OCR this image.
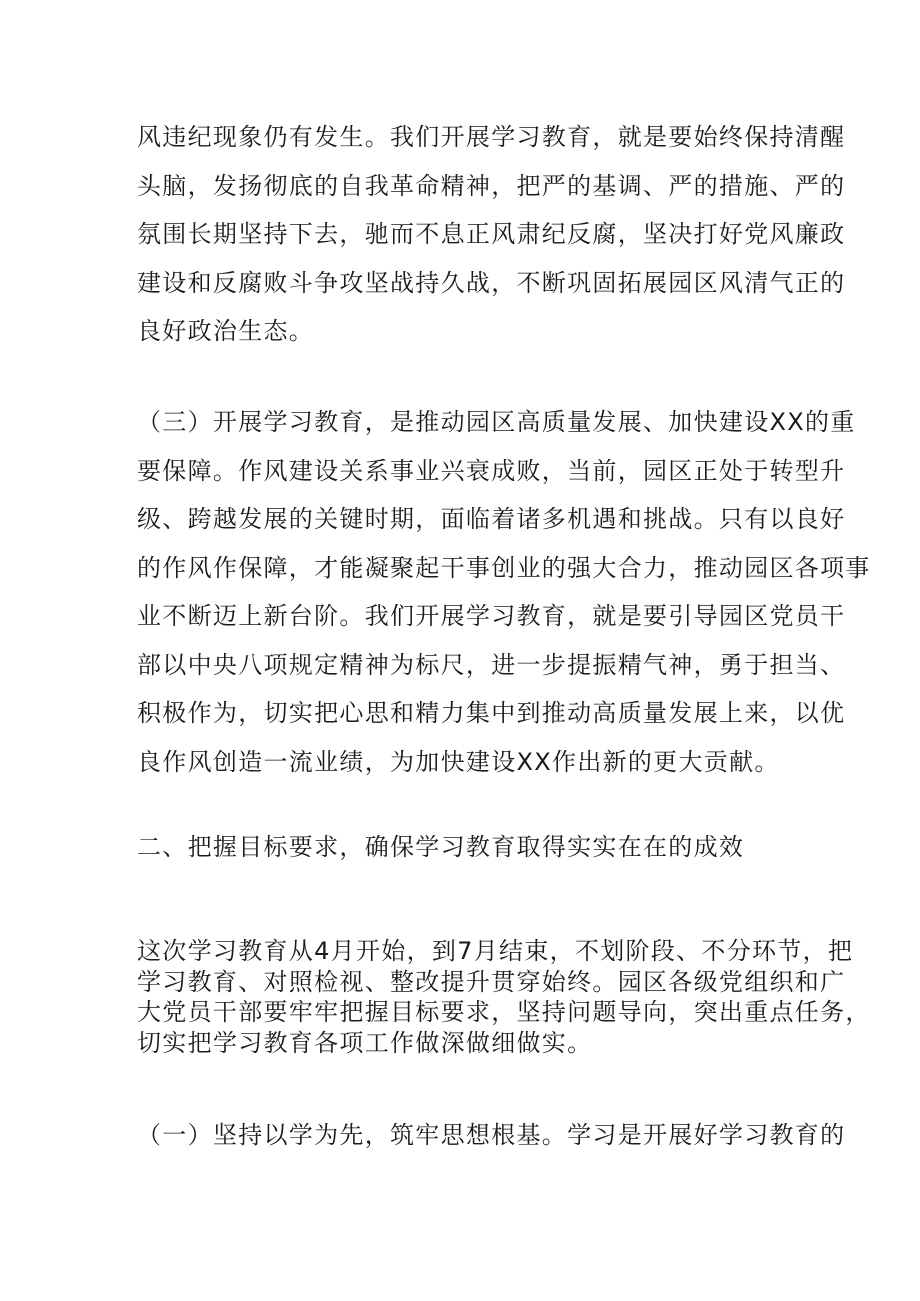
风违纪现象仍有发生。我们开展学习教育，就是要始终保持清醒
头脑，发扬彻底的自我革命精神，把严的基调、严的措施、严的
氛围长期坚持下去，驰而不息正风肃纪反腐，坚决打好党风廉政
建设和反腐败斗争攻坚战持久战，不断巩固拓展园区风清气正的
良好政治生态。
（三）开展学习教育，是推动园区高质量发展、加快建设XX的重
要保障。作风建设关系事业兴衰成败，当前，园区正处于转型升
级、跨越发展的关键时期，面临着诸多机遇和挑战。只有以良好
的作风作保障，才能凝聚起干事创业的强大合力，推动园区各项事
业不断迈上新台阶。我们开展学习教育，就是要引导园区党员干
部以中央八项规定精神为标尺，进一步提振精气神，勇于担当、
积极作为，切实把心思和精力集中到推动高质量发展上来，以优
良作风创造一流业绩，为加快建设XX作出新的更大贡献。
二、把握目标要求，确保学习教育取得实实在在的成效
这次学习教育从4月开始，到7月结束，不划阶段、不分环节，把
学习教育、对照检视、整改提升贯穿始终。园区各级党组织和广
大党员干部要牢牢把握目标要求，坚持问题导向，突出重点任务，
切实把学习教育各项工作做深做细做实。
（一）坚持以学为先，筑牢思想根基。学习是开展好学习教育的
